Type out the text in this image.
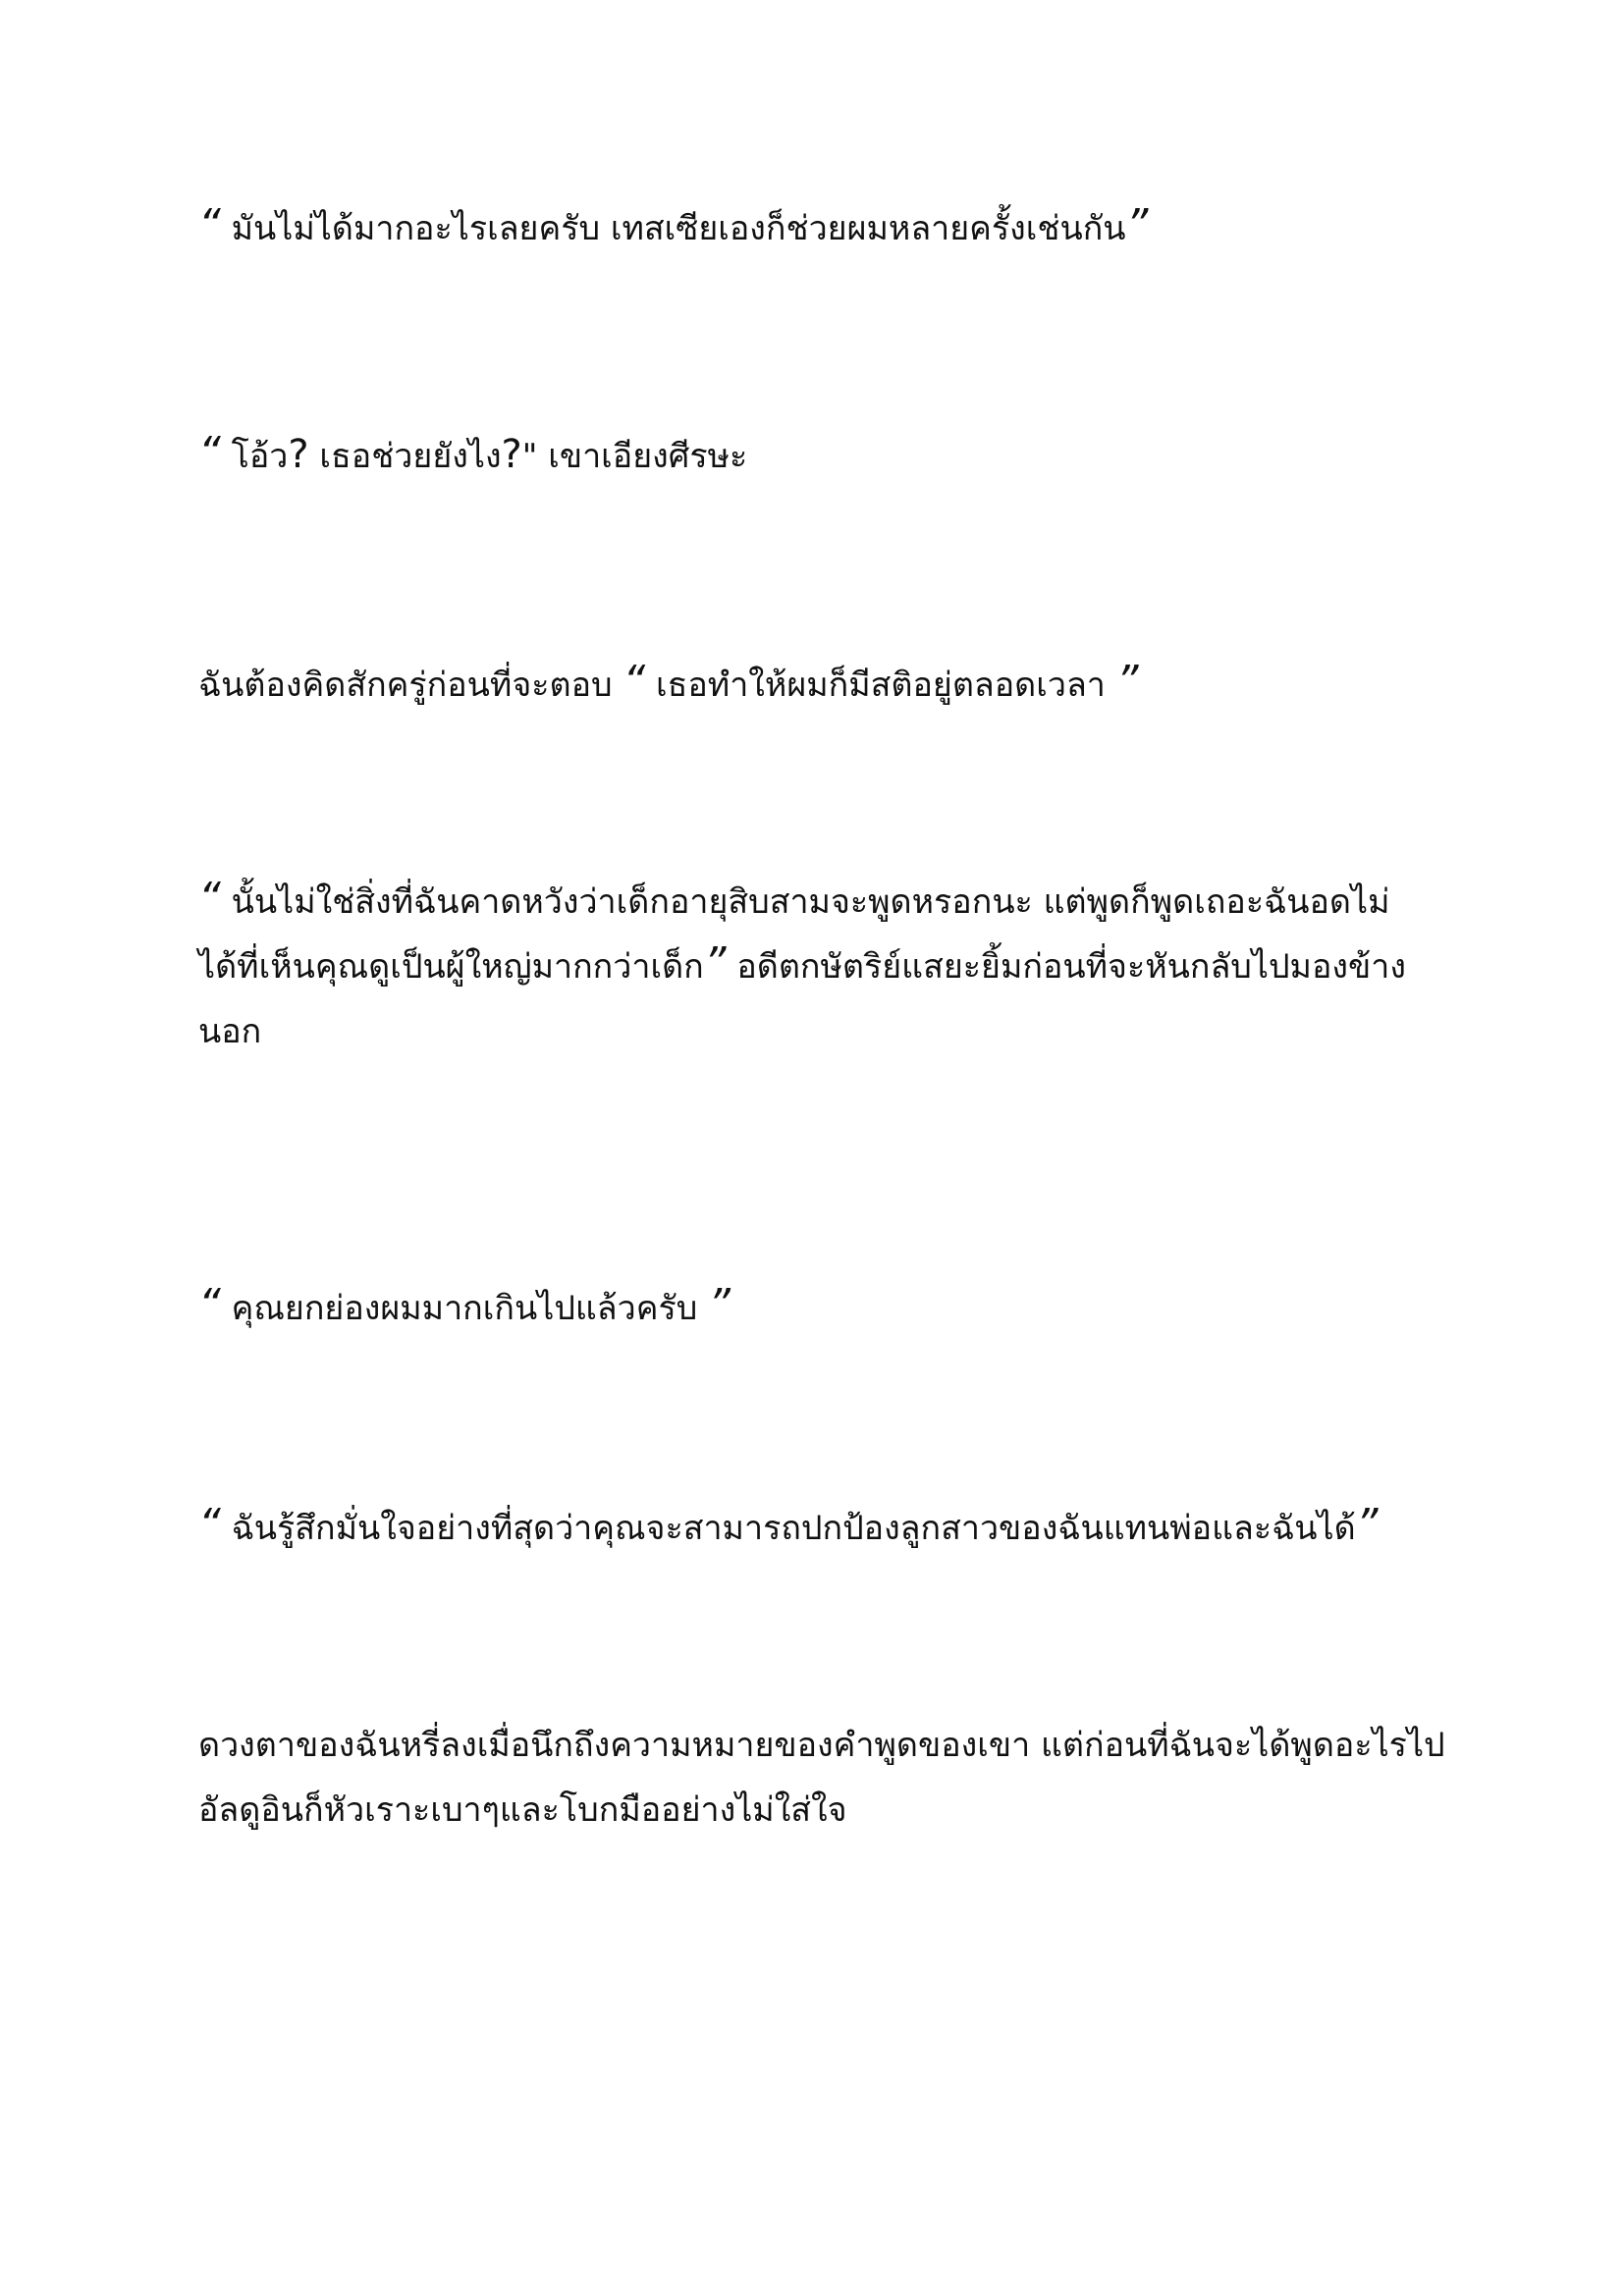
“ มันไม่ได้มากอะไรเลยครับ เทสเซียเองก็ช่วยผมหลายครั้งเช่นกัน”

“ โอ้ว? เธอช่วยยังไง?" เขาเอียงศีรษะ

ฉันต้องคิดสักครู่ก่อนที่จะตอบ “ เธอทำให้ผมก็มีสติอยู่ตลอดเวลา ”

“ นั้นไม่ใช่สิ่งที่ฉันคาดหวังว่าเด็กอายุสิบสามจะพูดหรอกนะ แต่พูดก็พูดเถอะฉันอดไม่ได้ที่เห็นคุณดูเป็นผู้ใหญ่มากกว่าเด็ก” อดีตกษัตริย์แสยะยิ้มก่อนที่จะหันกลับไปมองข้างนอก

“ คุณยกย่องผมมากเกินไปแล้วครับ ”

“ ฉันรู้สึกมั่นใจอย่างที่สุดว่าคุณจะสามารถปกป้องลูกสาวของฉันแทนพ่อและฉันได้”

ดวงตาของฉันหรี่ลงเมื่อนึกถึงความหมายของคำพูดของเขา แต่ก่อนที่ฉันจะได้พูดอะไรไปอัลดูอินก็หัวเราะเบาๆและโบกมืออย่างไม่ใส่ใจ
